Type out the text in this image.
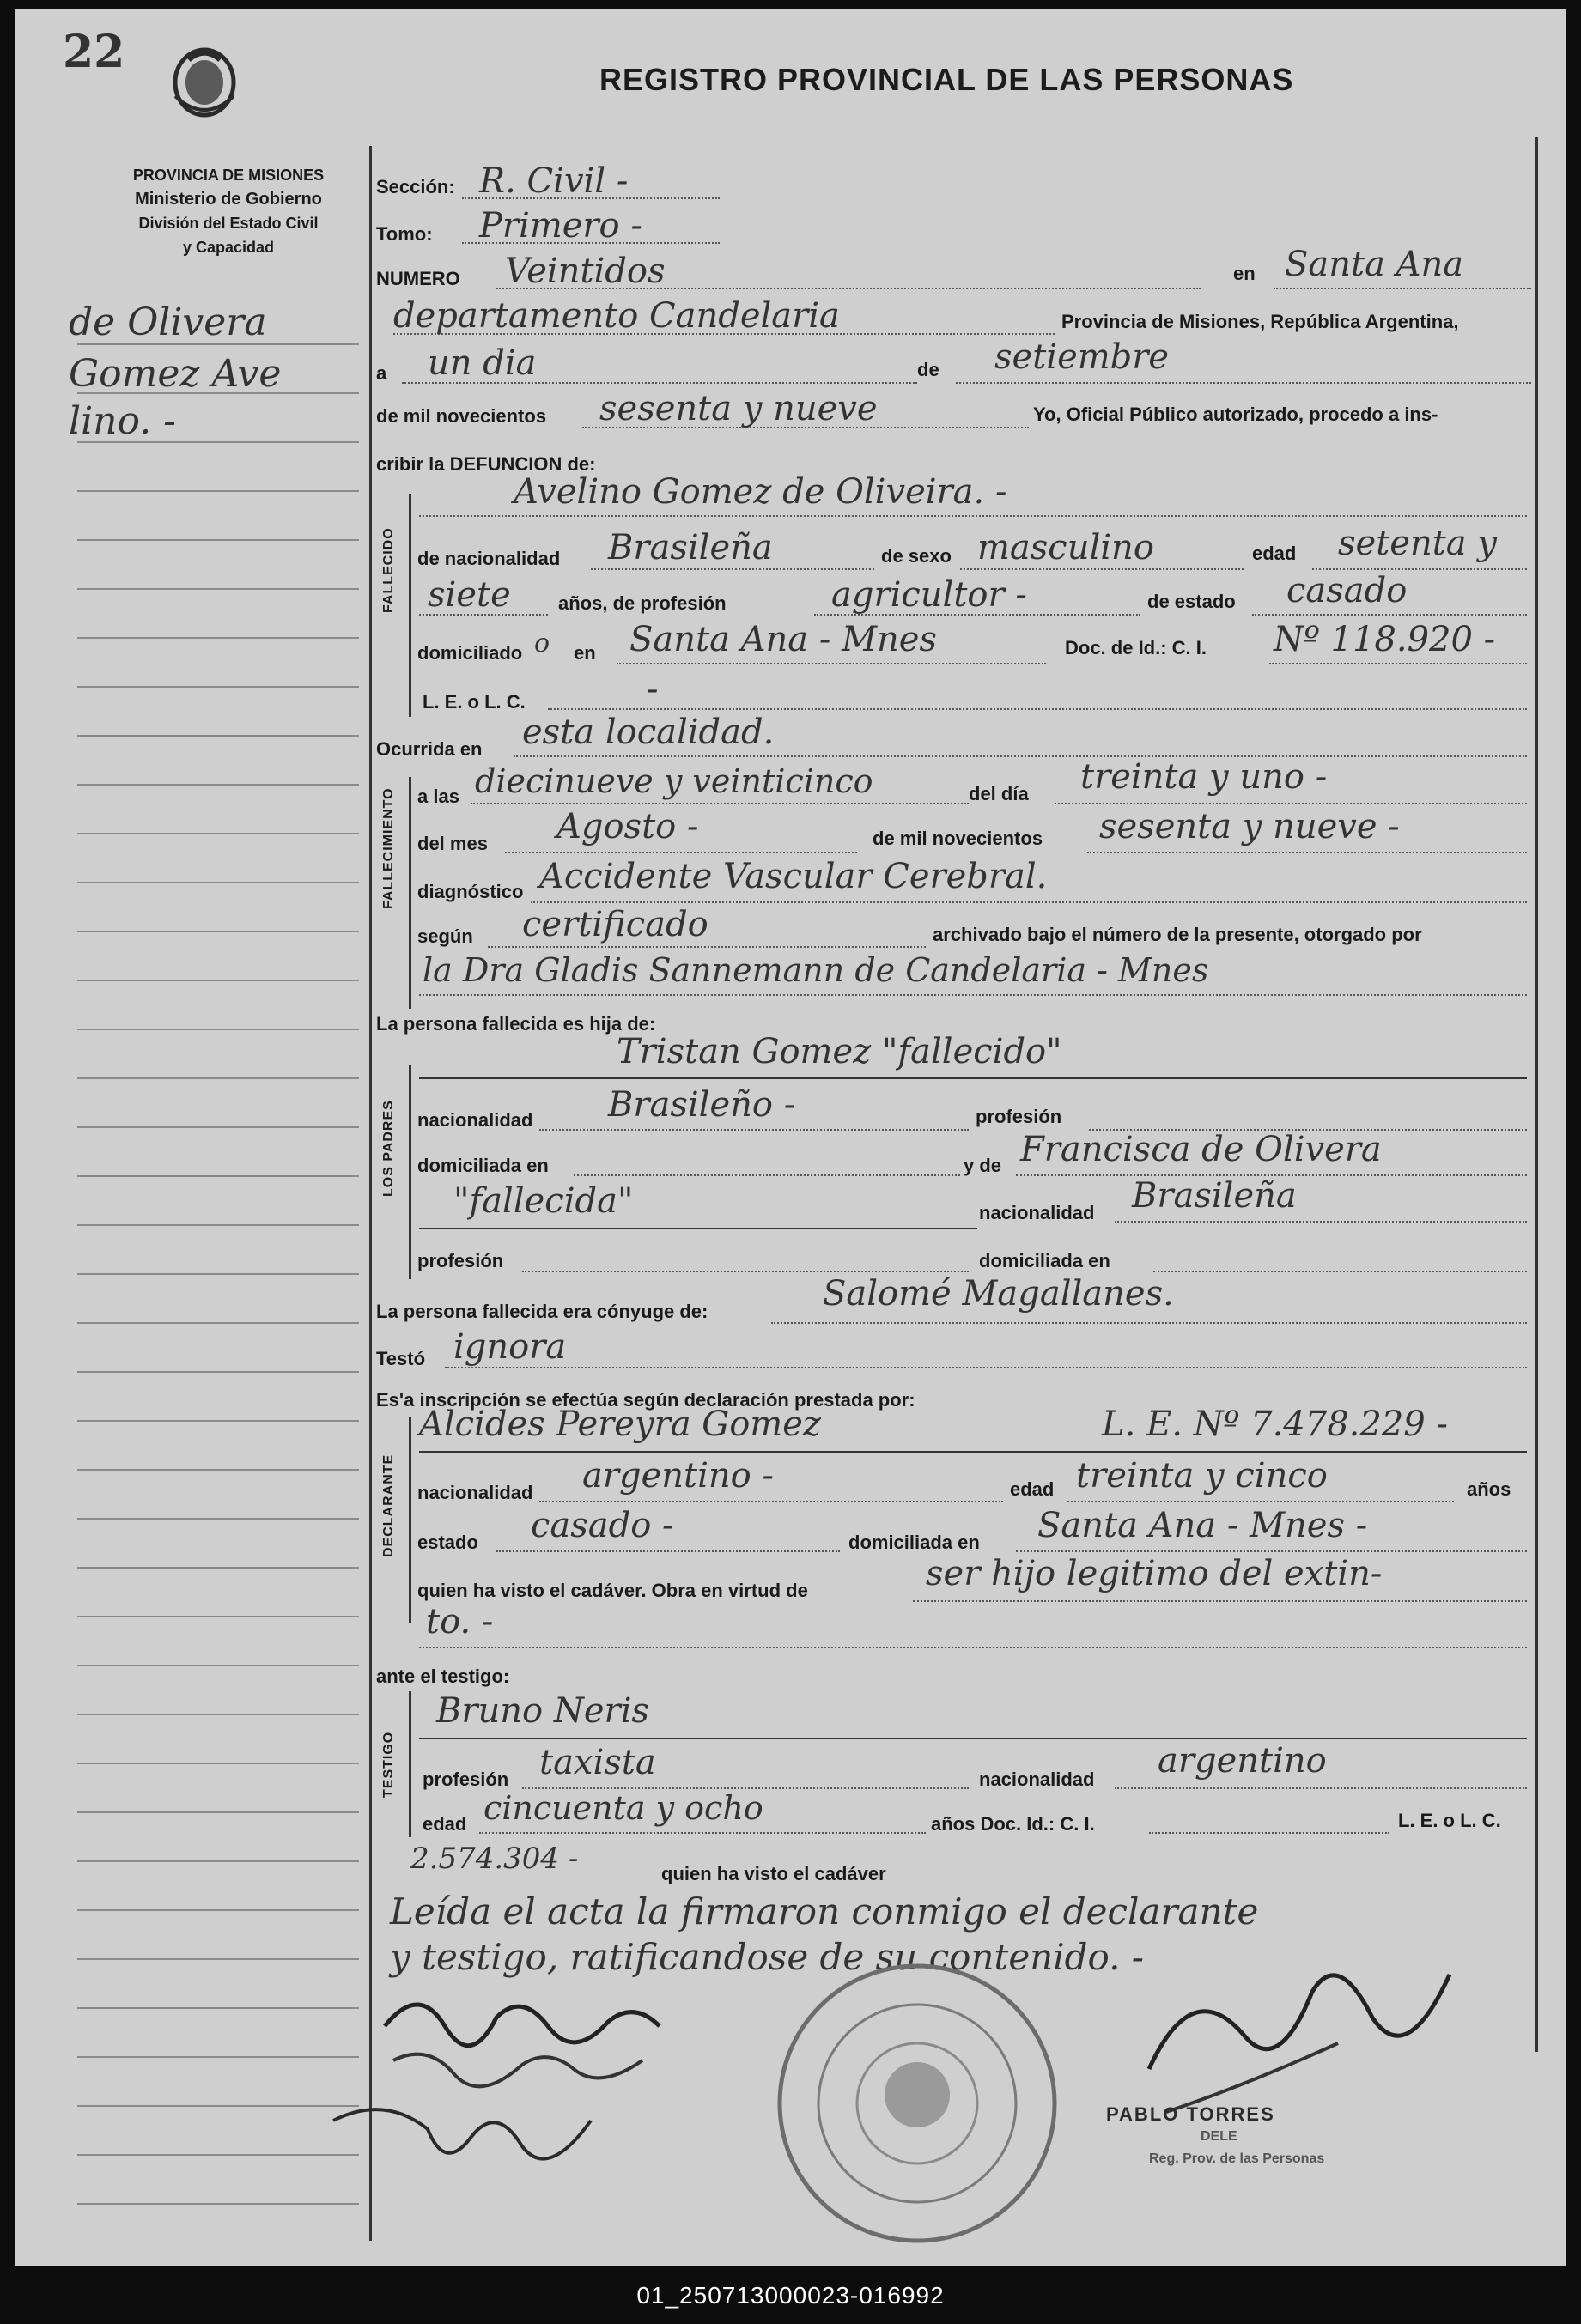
22
REGISTRO PROVINCIAL DE LAS PERSONAS
PROVINCIA DE MISIONES
Ministerio de Gobierno
División del Estado Civil
y Capacidad
de Olivera
Gomez Ave
lino. -
Sección: R. Civil -
Tomo: Primero -
NUMERO Veintidos	en Santa Ana
departamento Candelaria	Provincia de Misiones, República Argentina,
a un dia	de setiembre
de mil novecientos sesenta y nueve	Yo, Oficial Público autorizado, procedo a ins-
cribir la DEFUNCION de:
FALLECIDO
Avelino Gomez de Oliveira. -
de nacionalidad Brasileña	de sexo masculino	edad setenta y
siete	años, de profesión	agricultor -	de estado casado
domiciliado o en Santa Ana - Mnes	Doc. de Id.: C. I. Nº 118.920 -
L. E. o L. C.	-
Ocurrida en esta localidad.
FALLECIMIENTO a las diecinueve y veinticinco	del día treinta y uno -
del mes Agosto -	de mil novecientos sesenta y nueve -
diagnóstico Accidente Vascular Cerebral.
según certificado	archivado bajo el número de la presente, otorgado por
la Dra Gladis Sannemann de Candelaria - Mnes
La persona fallecida es hija de:
LOS PADRES
Tristan Gomez "fallecido"
nacionalidad Brasileño -	profesión
domiciliada en	y de Francisca de Olivera
"fallecida"	nacionalidad Brasileña
profesión	domiciliada en
La persona fallecida era cónyuge de:	Salomé Magallanes.
Testó ignora
Es'a inscripción se efectúa según declaración prestada por:
DECLARANTE
Alcides Pereyra Gomez	L. E. Nº 7.478.229 -
nacionalidad argentino -	edad treinta y cinco	años
estado casado -	domiciliada en Santa Ana - Mnes -
quien ha visto el cadáver. Obra en virtud de	ser hijo legitimo del extin-
to. -
ante el testigo:
TESTIGO
Bruno Neris
profesión taxista	nacionalidad argentino
edad cincuenta y ocho	años Doc. Id.: C. I.	L. E. o L. C.
2.574.304 -	quien ha visto el cadáver
Leída el acta la firmaron conmigo el declarante
y testigo, ratificandose de su contenido. -
PABLO TORRES
DELE
Reg. Prov. de las Personas
01_250713000023-016992
